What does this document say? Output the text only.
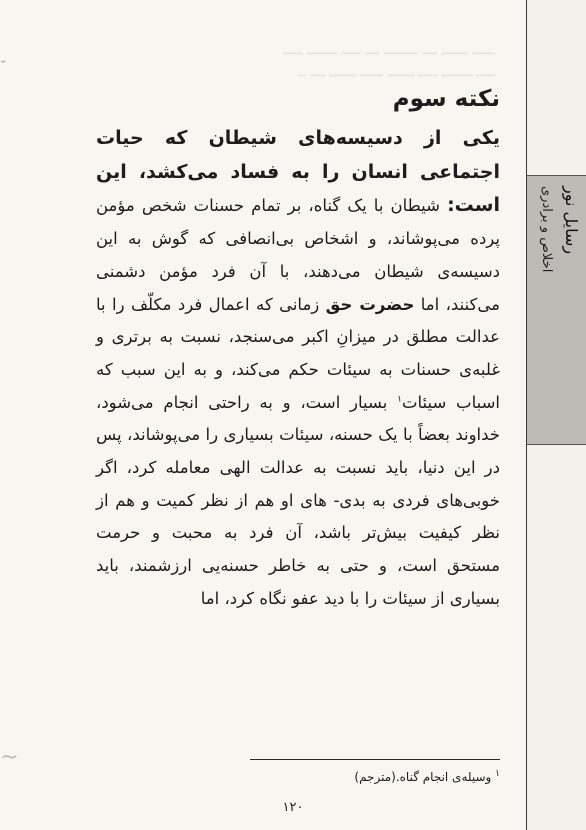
ــــــ ـــــــ ــــ ـــــــــ ــــ ـــــ ــــــــ ـــــ
ـــــ ــــــــ ـــــ ـــــــ ــــــ ـــــــ ــــ ــ
˘
~
رسایل نور
اخلاص و برادری
نکته سوم

یکی از دسیسه‌های شیطان که حیات اجتماعی انسان را به فساد می‌کشد، این است: شیطان با یک گناه، بر تمام حسنات شخص مؤمن پرده می‌پوشاند، و اشخاص بی‌انصافی که گوش به این دسیسه‌ی شیطان می‌دهند، با آن فرد مؤمن دشمنی می‌کنند، اما حضرت حق زمانی که اعمال فرد مکلّف را با عدالت مطلق در میزانِ اکبر می‌سنجد، نسبت به برتری و غلبه‌ی حسنات به سیئات حکم می‌کند، و به این سبب که اسباب سیئات$^١$ بسیار است، و به راحتی انجام می‌شود، خداوند بعضاً با یک حسنه، سیئات بسیاری را می‌پوشاند، پس در این دنیا، باید نسبت به عدالت الهی معامله کرد، اگر خوبی‌های فردی به بدی- های او هم از نظر کمیت و هم از نظر کیفیت بیش‌تر باشد، آن فرد به محبت و حرمت مستحق است، و حتی به خاطر حسنه‌یی ارزشمند، باید بسیاری از سیئات را با دید عفو نگاه کرد، اما

$^١$ وسیله‌ی انجام گناه.(مترجم)
١٢٠
